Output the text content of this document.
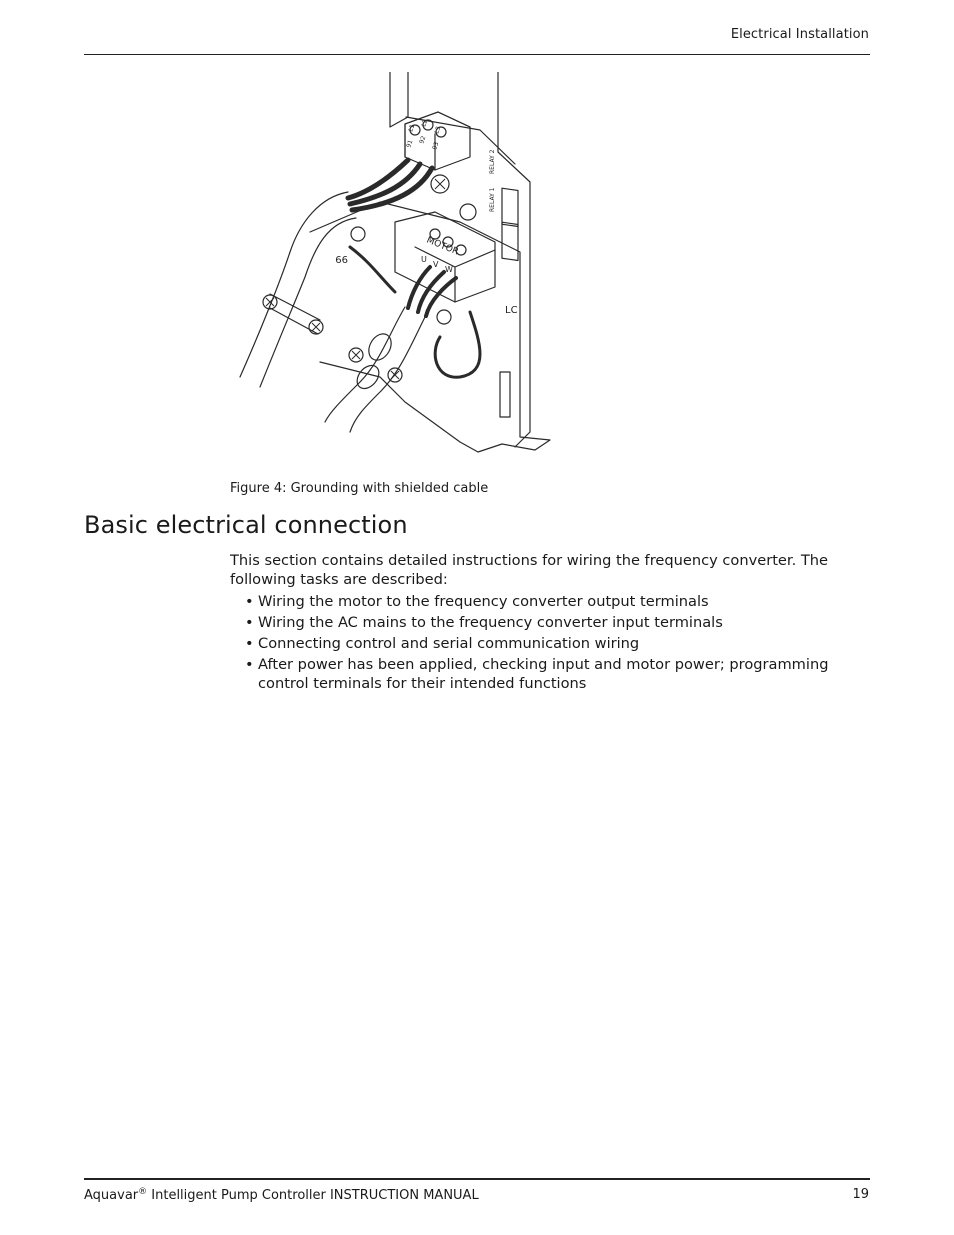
Electrical Installation
L1
L2
L3
91 92
93
RELAY 2
RELAY 1
MOTOR
U
V
W
99
LC
Figure 4: Grounding with shielded cable
Basic electrical connection

This section contains detailed instructions for wiring the frequency converter. The following tasks are described:

• Wiring the motor to the frequency converter output terminals
• Wiring the AC mains to the frequency converter input terminals
• Connecting control and serial communication wiring
• After power has been applied, checking input and motor power; programming control terminals for their intended functions
Aquavar® Intelligent Pump Controller INSTRUCTION MANUAL	19
